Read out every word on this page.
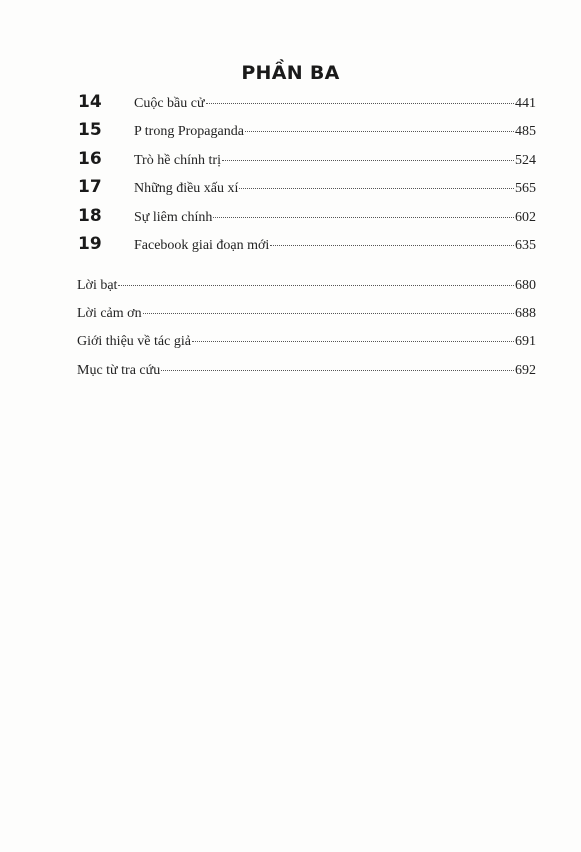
PHẦN BA
14	Cuộc bầu cử	441
15	P trong Propaganda	485
16	Trò hề chính trị	524
17	Những điều xấu xí	565
18	Sự liêm chính	602
19	Facebook giai đoạn mới	635
Lời bạt	680
Lời cảm ơn	688
Giới thiệu về tác giả	691
Mục từ tra cứu	692
